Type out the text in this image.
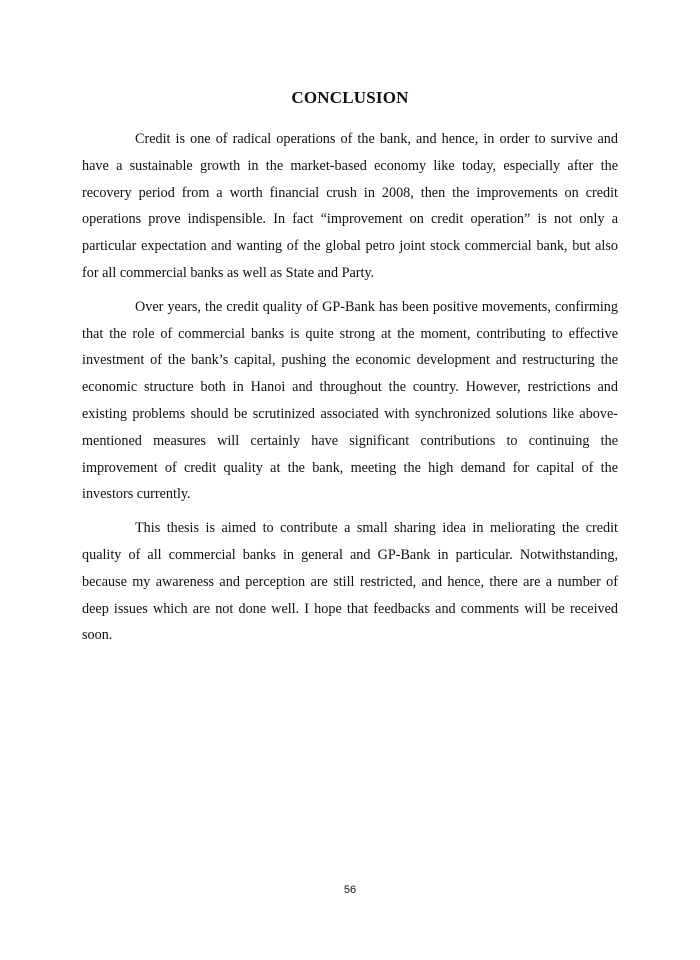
CONCLUSION

Credit is one of radical operations of the bank, and hence, in order to survive and have a sustainable growth in the market-based economy like today, especially after the recovery period from a worth financial crush in 2008, then the improvements on credit operations prove indispensible. In fact “improvement on credit operation” is not only a particular expectation and wanting of the global petro joint stock commercial bank, but also for all commercial banks as well as State and Party.

Over years, the credit quality of GP-Bank has been positive movements, confirming that the role of commercial banks is quite strong at the moment, contributing to effective investment of the bank’s capital, pushing the economic development and restructuring the economic structure both in Hanoi and throughout the country. However, restrictions and existing problems should be scrutinized associated with synchronized solutions like above-mentioned measures will certainly have significant contributions to continuing the improvement of credit quality at the bank, meeting the high demand for capital of the investors currently.

This thesis is aimed to contribute a small sharing idea in meliorating the credit quality of all commercial banks in general and GP-Bank in particular. Notwithstanding, because my awareness and perception are still restricted, and hence, there are a number of deep issues which are not done well. I hope that feedbacks and comments will be received soon.

56
